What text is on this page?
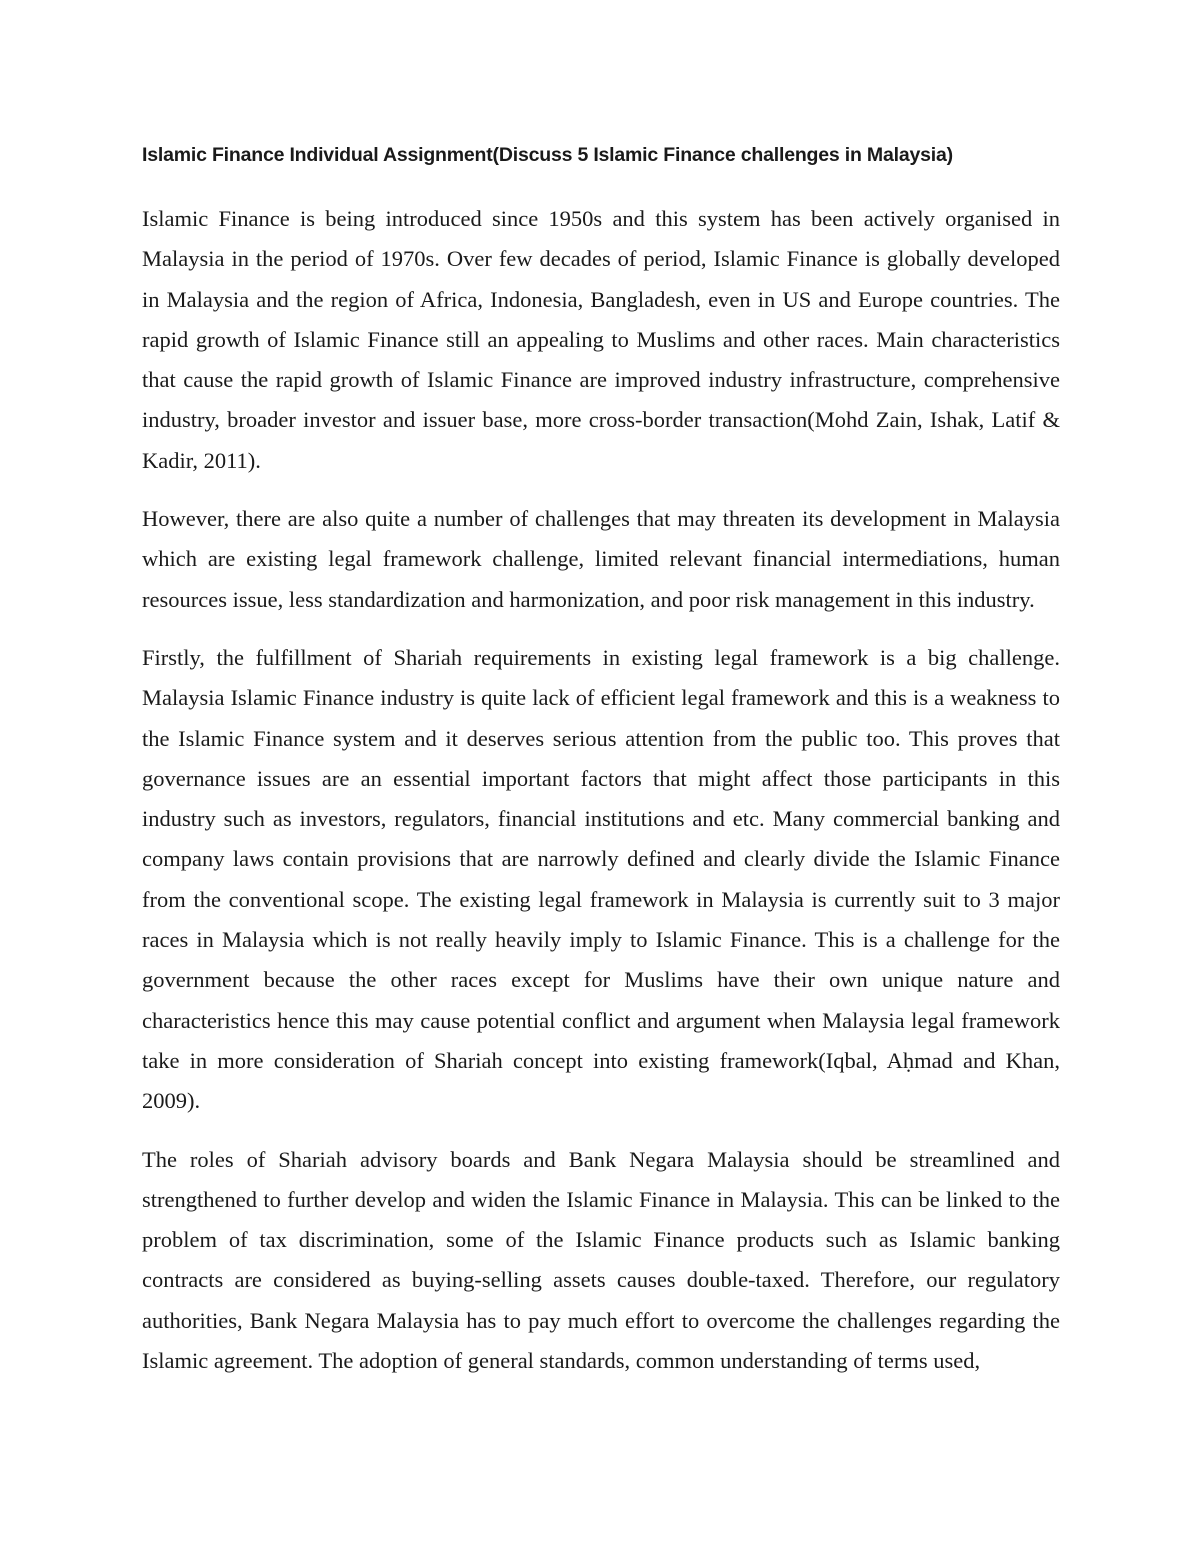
Islamic Finance Individual Assignment(Discuss 5 Islamic Finance challenges in Malaysia)

Islamic Finance is being introduced since 1950s and this system has been actively organised in Malaysia in the period of 1970s. Over few decades of period, Islamic Finance is globally developed in Malaysia and the region of Africa, Indonesia, Bangladesh, even in US and Europe countries. The rapid growth of Islamic Finance still an appealing to Muslims and other races. Main characteristics that cause the rapid growth of Islamic Finance are improved industry infrastructure, comprehensive industry, broader investor and issuer base, more cross-border transaction(Mohd Zain, Ishak, Latif & Kadir, 2011).

However, there are also quite a number of challenges that may threaten its development in Malaysia which are existing legal framework challenge, limited relevant financial intermediations, human resources issue, less standardization and harmonization, and poor risk management in this industry.

Firstly, the fulfillment of Shariah requirements in existing legal framework is a big challenge. Malaysia Islamic Finance industry is quite lack of efficient legal framework and this is a weakness to the Islamic Finance system and it deserves serious attention from the public too. This proves that governance issues are an essential important factors that might affect those participants in this industry such as investors, regulators, financial institutions and etc. Many commercial banking and company laws contain provisions that are narrowly defined and clearly divide the Islamic Finance from the conventional scope. The existing legal framework in Malaysia is currently suit to 3 major races in Malaysia which is not really heavily imply to Islamic Finance. This is a challenge for the government because the other races except for Muslims have their own unique nature and characteristics hence this may cause potential conflict and argument when Malaysia legal framework take in more consideration of Shariah concept into existing framework(Iqbal, Aḥmad and Khan, 2009).

The roles of Shariah advisory boards and Bank Negara Malaysia should be streamlined and strengthened to further develop and widen the Islamic Finance in Malaysia. This can be linked to the problem of tax discrimination, some of the Islamic Finance products such as Islamic banking contracts are considered as buying-selling assets causes double-taxed. Therefore, our regulatory authorities, Bank Negara Malaysia has to pay much effort to overcome the challenges regarding the Islamic agreement. The adoption of general standards, common understanding of terms used,
